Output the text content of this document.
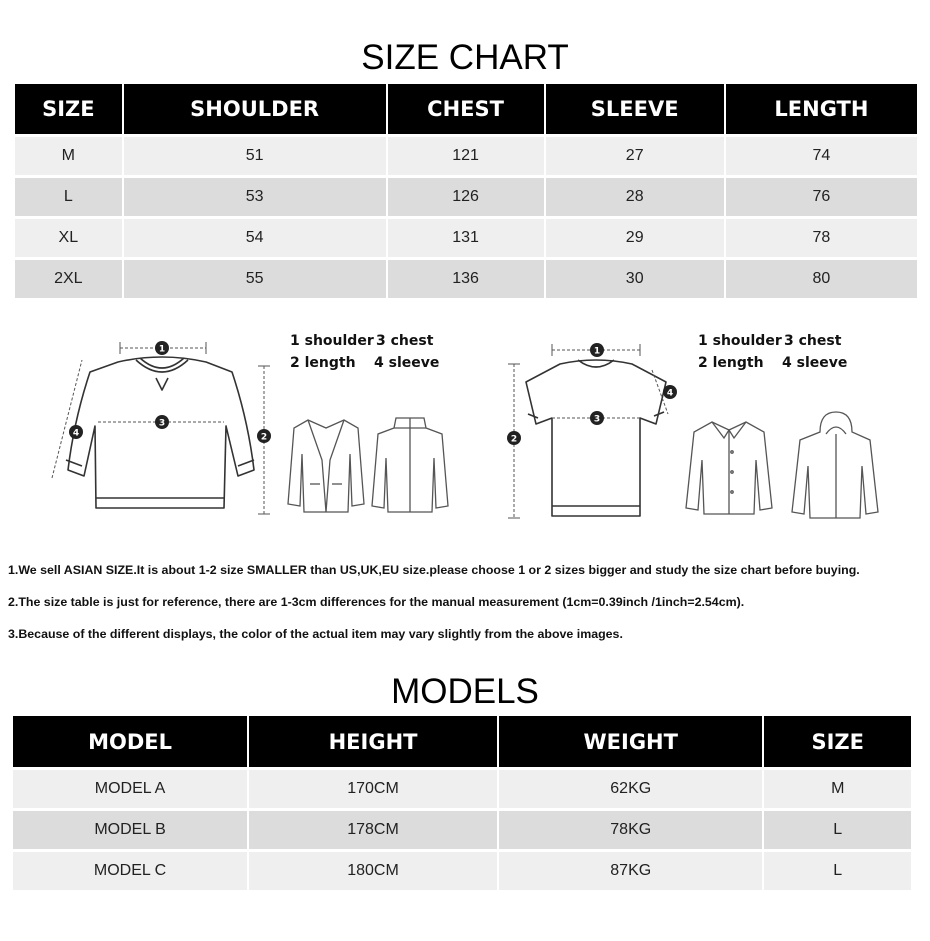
SIZE CHART
SIZE	SHOULDER	CHEST	SLEEVE	LENGTH

M	51	121	27	74

L	53	126	28	76

XL	54	131	29	78

2XL	55	136	30	80
1
2
3
4
1 shoulder 3 chest
2 length 4 sleeve
1
2
3
4
1 shoulder 3 chest
2 length 4 sleeve
1.We sell ASIAN SIZE.It is about 1-2 size SMALLER than US,UK,EU size.please choose 1 or 2 sizes bigger and study the size chart before buying.
2.The size table is just for reference, there are 1-3cm differences for the manual measurement (1cm=0.39inch /1inch=2.54cm).
3.Because of the different displays, the color of the actual item may vary slightly from the above images.
MODELS
MODEL	HEIGHT	WEIGHT	SIZE

MODEL A	170CM	62KG	M

MODEL B	178CM	78KG	L

MODEL C	180CM	87KG	L
